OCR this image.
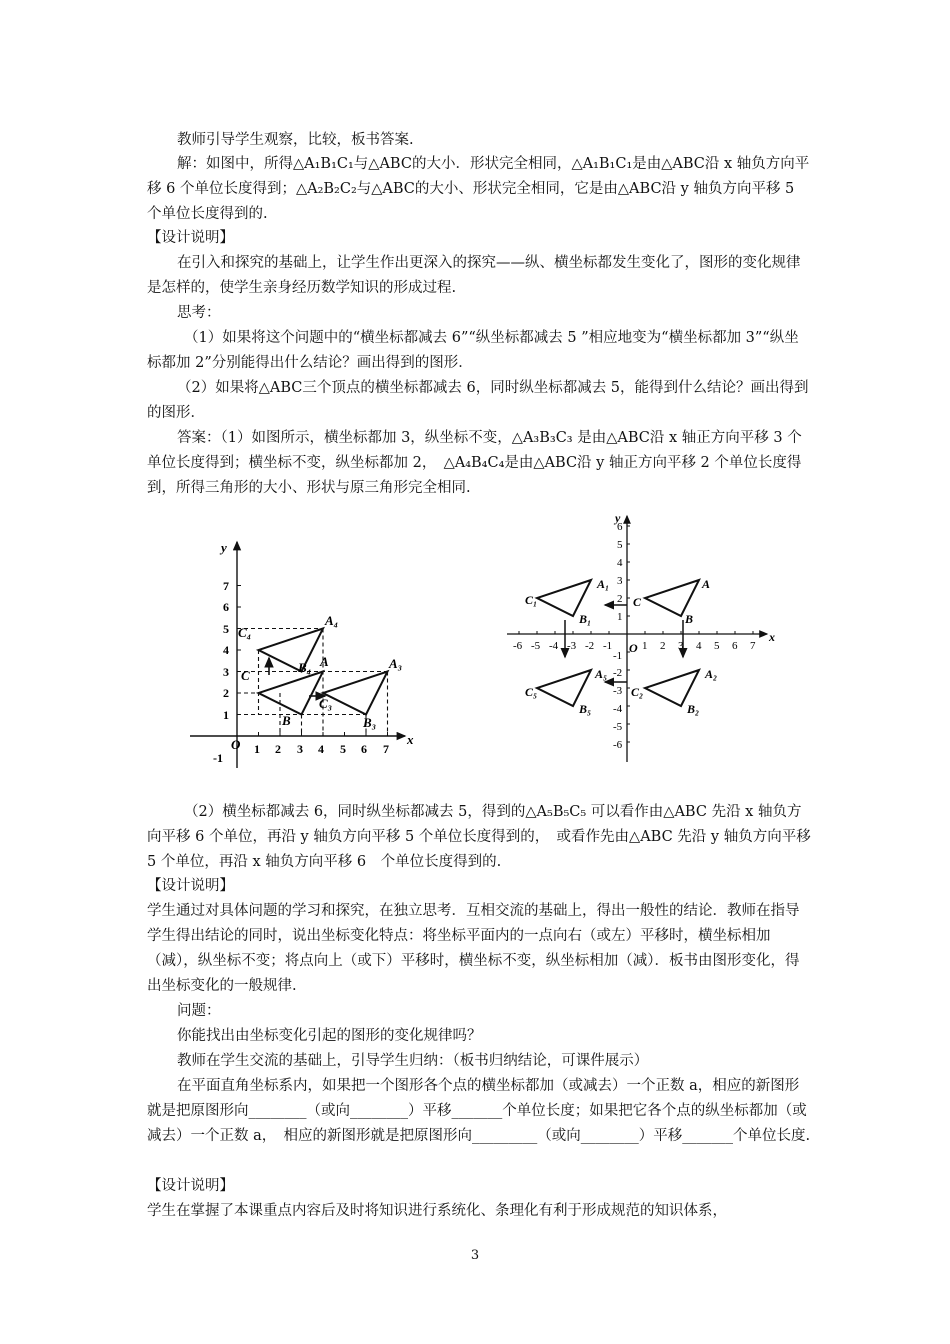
教师引导学生观察，比较，板书答案.

解：如图中，所得△A₁B₁C₁与△ABC的大小．形状完全相同，△A₁B₁C₁是由△ABC沿 x 轴负方向平移 6 个单位长度得到；△A₂B₂C₂与△ABC的大小、形状完全相同，它是由△ABC沿 y 轴负方向平移 5 个单位长度得到的.

【设计说明】

在引入和探究的基础上，让学生作出更深入的探究——纵、横坐标都发生变化了，图形的变化规律是怎样的，使学生亲身经历数学知识的形成过程.

思考：

（1）如果将这个问题中的“横坐标都减去 6”“纵坐标都减去 5 ”相应地变为“横坐标都加 3”“纵坐标都加 2”分别能得出什么结论？画出得到的图形．

（2）如果将△ABC三个顶点的横坐标都减去 6，同时纵坐标都减去 5，能得到什么结论？画出得到的图形．

答案：（1）如图所示，横坐标都加 3，纵坐标不变，△A₃B₃C₃ 是由△ABC沿 x 轴正方向平移 3 个单位长度得到；横坐标不变，纵坐标都加 2，　△A₄B₄C₄是由△ABC沿 y 轴正方向平移 2 个单位长度得到，所得三角形的大小、形状与原三角形完全相同.

x
y
O 1 2 3 4 5 6 7
1
2
3
4
5
6
7
-1
A₄
C₄
B₄ A
C
A₃
B
C₃
B₃
x
y
O
-6 -5 -4 -3 -2 -1	1 2 3 4 5 6 7
6
5
4
3
2
1
-1
-2
-3
-4
-5
-6
A
C
B
A₁
C₁
B₁
A₅
C₅
B₅
A₂
C₂
B₂

（2）横坐标都减去 6，同时纵坐标都减去 5，得到的△A₅B₅C₅ 可以看作由△ABC 先沿 x 轴负方向平移 6 个单位，再沿 y 轴负方向平移 5 个单位长度得到的，　或看作先由△ABC 先沿 y 轴负方向平移 5 个单位，再沿 x 轴负方向平移 6　个单位长度得到的.

【设计说明】

学生通过对具体问题的学习和探究，在独立思考．互相交流的基础上，得出一般性的结论．教师在指导学生得出结论的同时，说出坐标变化特点：将坐标平面内的一点向右（或左）平移时，横坐标相加（减），纵坐标不变；将点向上（或下）平移时，横坐标不变，纵坐标相加（减）．板书由图形变化，得出坐标变化的一般规律.

问题：

你能找出由坐标变化引起的图形的变化规律吗？

教师在学生交流的基础上，引导学生归纳：（板书归纳结论，可课件展示）

在平面直角坐标系内，如果把一个图形各个点的横坐标都加（或减去）一个正数 a，相应的新图形就是把原图形向________（或向________）平移_______个单位长度；如果把它各个点的纵坐标都加（或减去）一个正数 a，　相应的新图形就是把原图形向_________（或向________）平移_______个单位长度.

【设计说明】

学生在掌握了本课重点内容后及时将知识进行系统化、条理化有利于形成规范的知识体系，

3
